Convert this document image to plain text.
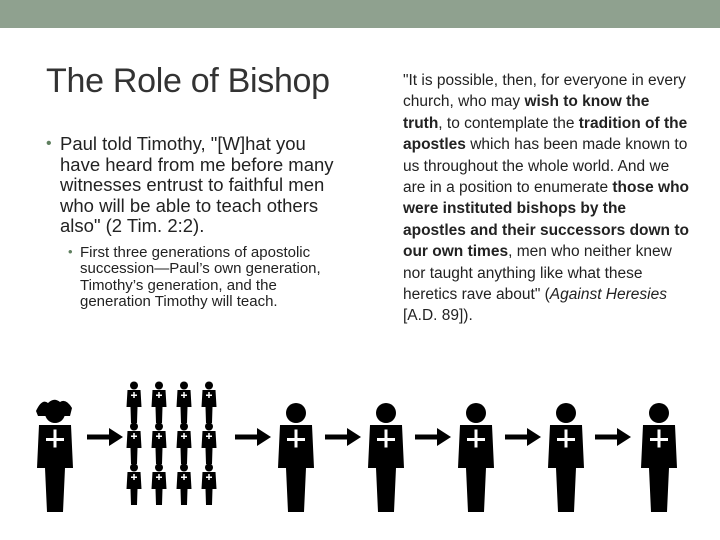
The Role of Bishop
• Paul told Timothy, "[W]hat you have heard from me before many witnesses entrust to faithful men who will be able to teach others also" (2 Tim. 2:2).
• First three generations of apostolic succession—Paul’s own generation, Timothy’s generation, and the generation Timothy will teach.
"It is possible, then, for everyone in every church, who may wish to know the truth, to contemplate the tradition of the apostles which has been made known to us throughout the whole world. And we are in a position to enumerate those who were instituted bishops by the apostles and their successors down to our own times, men who neither knew nor taught anything like what these heretics rave about" (Against Heresies [A.D. 89]).
